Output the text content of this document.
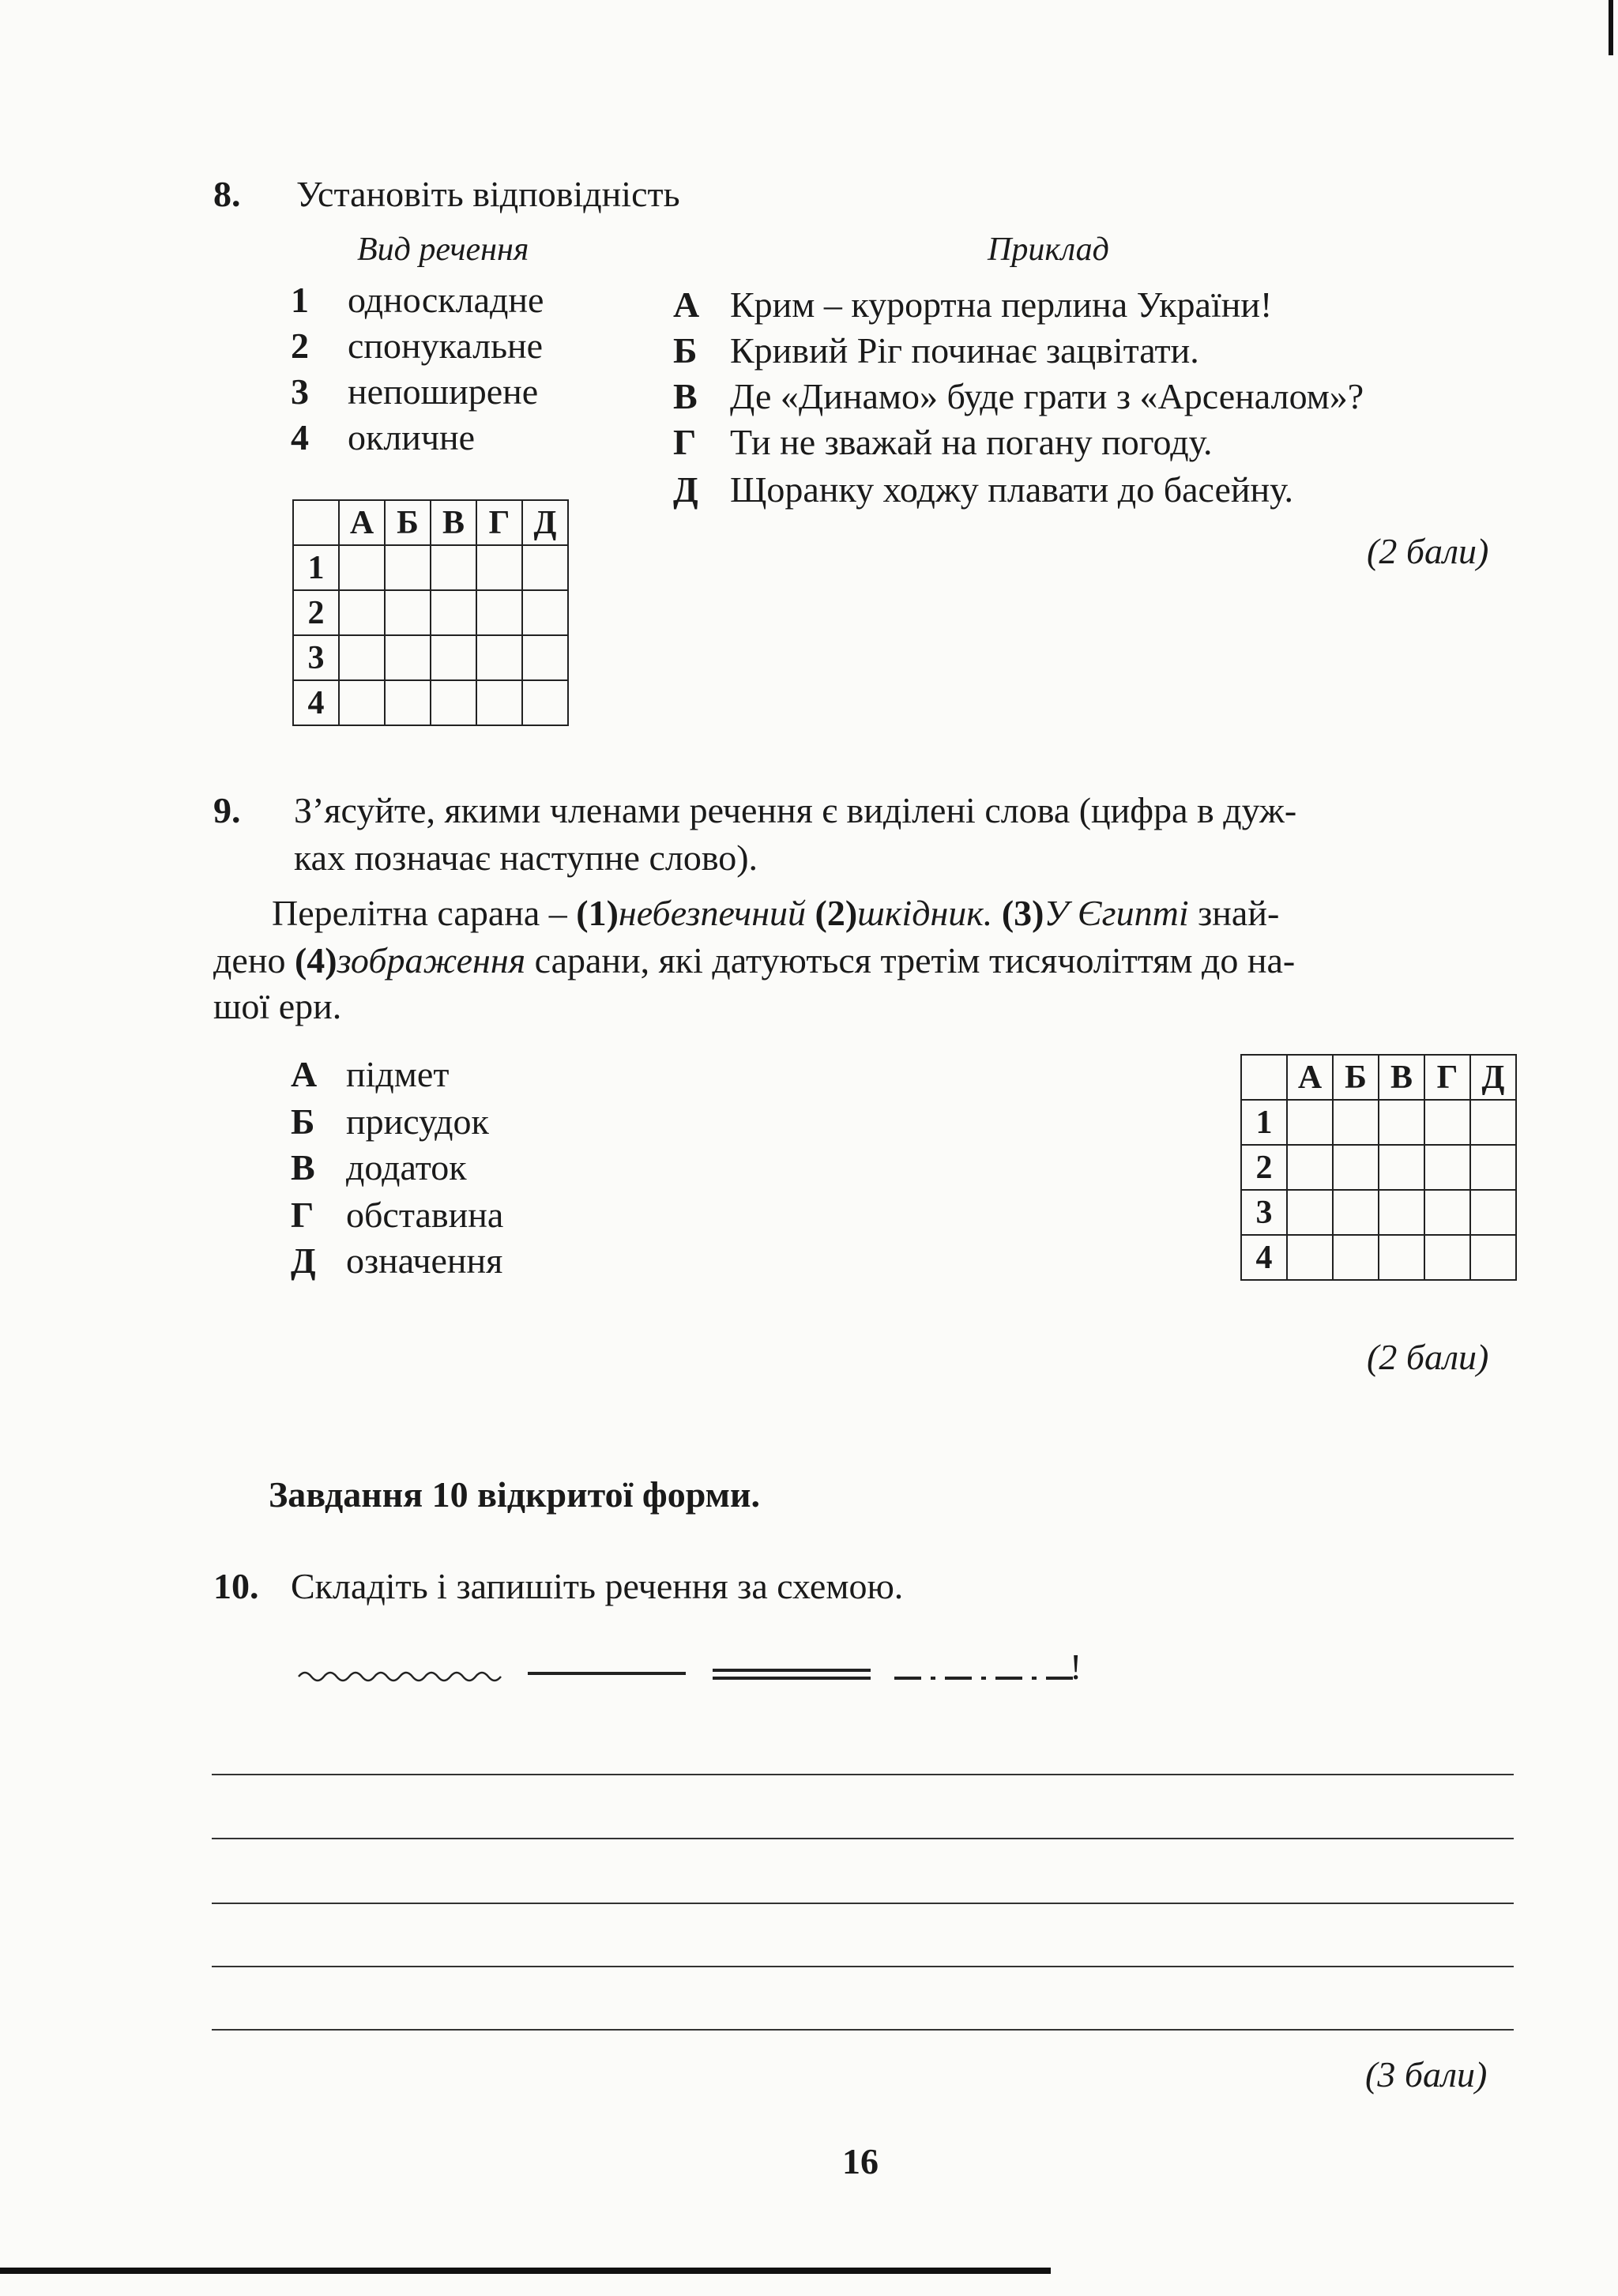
8. Установіть відповідність
Вид речення	Приклад
1 односкладне
2 спонукальне
3 непоширене
4 окличне
А Крим – курортна перлина України!
Б Кривий Ріг починає зацвітати.
В Де «Динамо» буде грати з «Арсеналом»?
Г Ти не зважай на погану погоду.
Д Щоранку ходжу плавати до басейну.
(2 бали)
	А	Б	В	Г	Д
1					
2					
3					
4					
9. З’ясуйте, якими членами речення є виділені слова (цифра в дуж-
ках позначає наступне слово).
Перелітна сарана – (1)небезпечний (2)шкідник. (3)У Єгипті знай-
дено (4)зображення сарани, які датуються третім тисячоліттям до на-
шої ери.
А підмет
Б присудок
В додаток
Г обставина
Д означення
	А	Б	В	Г	Д
1					
2					
3					
4					
(2 бали)
Завдання 10 відкритої форми.
10. Складіть і запишіть речення за схемою.
!
(3 бали)
16
